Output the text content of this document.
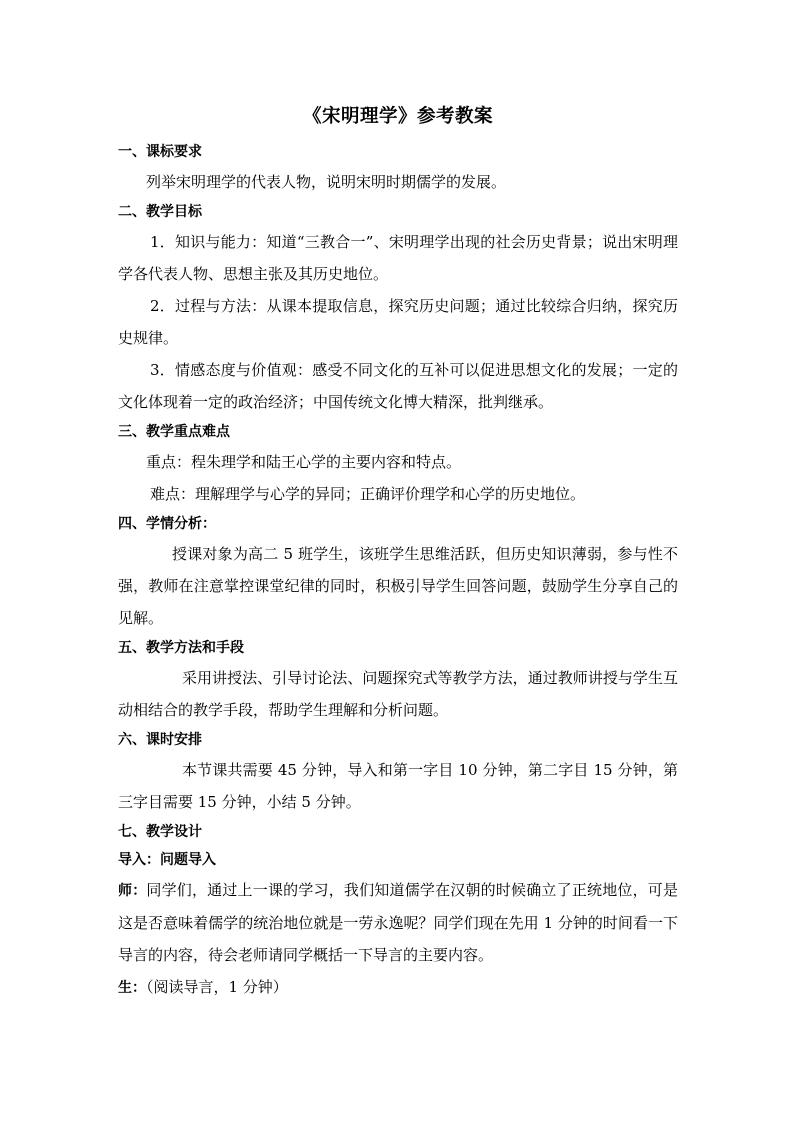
《宋明理学》参考教案
一、课标要求

列举宋明理学的代表人物，说明宋明时期儒学的发展。

二、教学目标

1．知识与能力：知道“三教合一”、宋明理学出现的社会历史背景；说出宋明理学各代表人物、思想主张及其历史地位。

2．过程与方法：从课本提取信息，探究历史问题；通过比较综合归纳，探究历史规律。

3．情感态度与价值观：感受不同文化的互补可以促进思想文化的发展；一定的文化体现着一定的政治经济；中国传统文化博大精深，批判继承。

三、教学重点难点

重点：程朱理学和陆王心学的主要内容和特点。

难点：理解理学与心学的异同；正确评价理学和心学的历史地位。

四、学情分析：

授课对象为高二 5 班学生，该班学生思维活跃，但历史知识薄弱，参与性不强，教师在注意掌控课堂纪律的同时，积极引导学生回答问题，鼓励学生分享自己的见解。

五、教学方法和手段

采用讲授法、引导讨论法、问题探究式等教学方法，通过教师讲授与学生互动相结合的教学手段，帮助学生理解和分析问题。

六、课时安排

本节课共需要 45 分钟，导入和第一字目 10 分钟，第二字目 15 分钟，第三字目需要 15 分钟，小结 5 分钟。

七、教学设计
导入：问题导入

师：同学们，通过上一课的学习，我们知道儒学在汉朝的时候确立了正统地位，可是这是否意味着儒学的统治地位就是一劳永逸呢？同学们现在先用 1 分钟的时间看一下导言的内容，待会老师请同学概括一下导言的主要内容。

生：（阅读导言，1 分钟）
